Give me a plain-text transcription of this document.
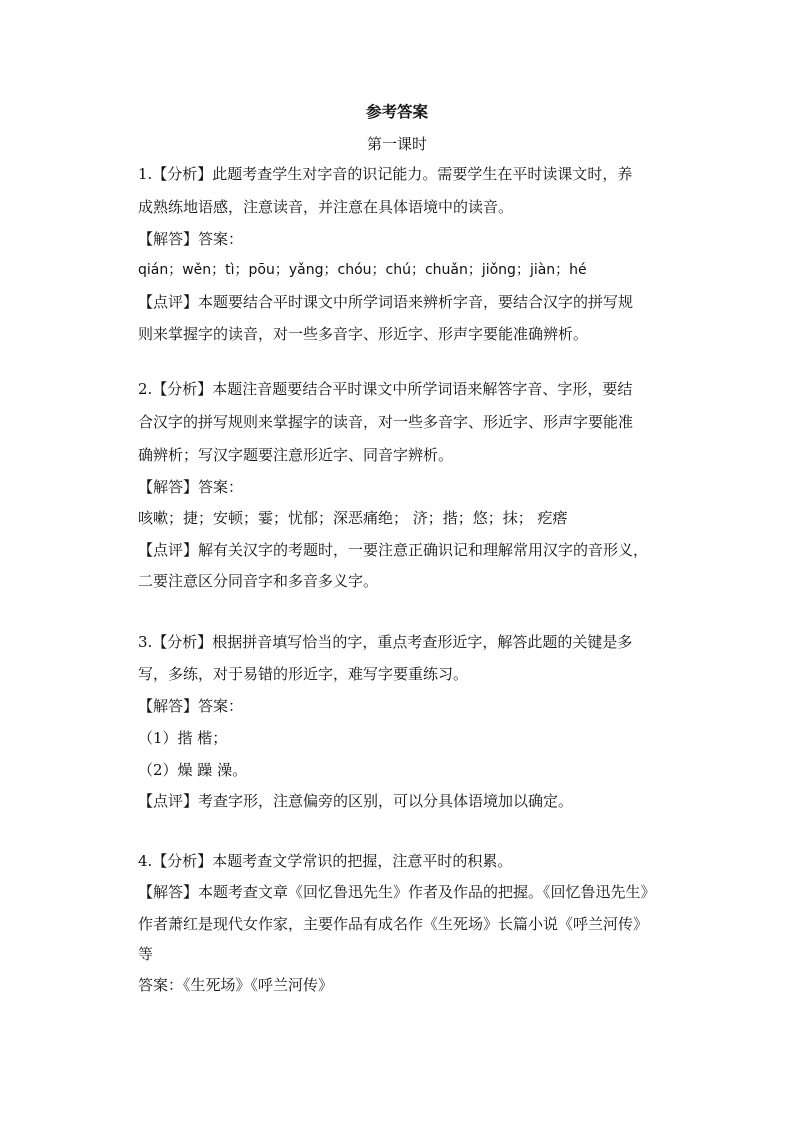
参考答案
第一课时
1.【分析】此题考查学生对字音的识记能力。需要学生在平时读课文时，养
成熟练地语感，注意读音，并注意在具体语境中的读音。
【解答】答案：
qián；wěn；tì；pōu；yǎng；chóu；chú；chuǎn；jiǒng；jiàn；hé
【点评】本题要结合平时课文中所学词语来辨析字音，要结合汉字的拼写规
则来掌握字的读音，对一些多音字、形近字、形声字要能准确辨析。
2.【分析】本题注音题要结合平时课文中所学词语来解答字音、字形，要结
合汉字的拼写规则来掌握字的读音，对一些多音字、形近字、形声字要能准
确辨析；写汉字题要注意形近字、同音字辨析。
【解答】答案：
咳嗽；捷；安顿；霎；忧郁；深恶痛绝； 济；揩；悠；抹； 疙瘩
【点评】解有关汉字的考题时，一要注意正确识记和理解常用汉字的音形义，
二要注意区分同音字和多音多义字。
3.【分析】根据拼音填写恰当的字，重点考查形近字，解答此题的关键是多
写，多练，对于易错的形近字，难写字要重练习。
【解答】答案：
（1）揩 楷；
（2）燥 躁 澡。
【点评】考查字形，注意偏旁的区别，可以分具体语境加以确定。
4.【分析】本题考查文学常识的把握，注意平时的积累。
【解答】本题考查文章《回忆鲁迅先生》作者及作品的把握。《回忆鲁迅先生》
作者萧红是现代女作家，主要作品有成名作《生死场》长篇小说《呼兰河传》
等
答案：《生死场》《呼兰河传》
